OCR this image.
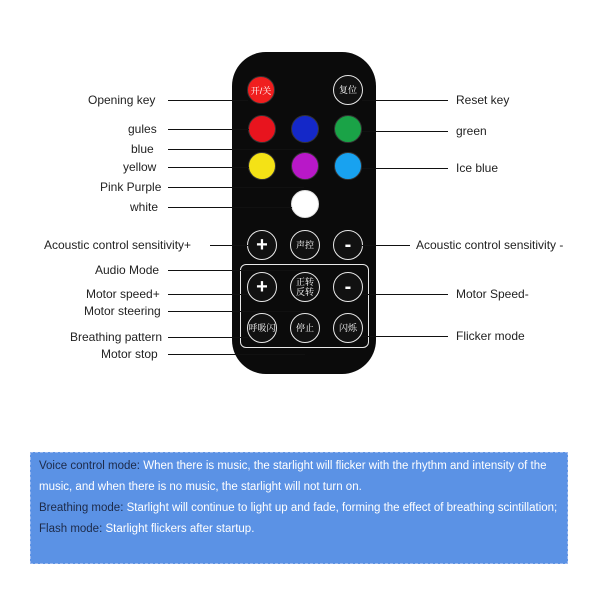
开/关	复位
+	声控 -
+	正转
反转 -
呼吸闪 停止	闪烁
Opening key
gules
blue
yellow
Pink Purple
white
Acoustic control sensitivity+
Audio Mode
Motor speed+
Motor steering
Breathing pattern
Motor stop
Reset key
green
Ice blue
Acoustic control sensitivity -
Motor Speed-
Flicker mode
Voice control mode: When there is music, the starlight will flicker with the rhythm and intensity of the music, and when there is no music, the starlight will not turn on.
Breathing mode: Starlight will continue to light up and fade, forming the effect of breathing scintillation;
Flash mode: Starlight flickers after startup.
